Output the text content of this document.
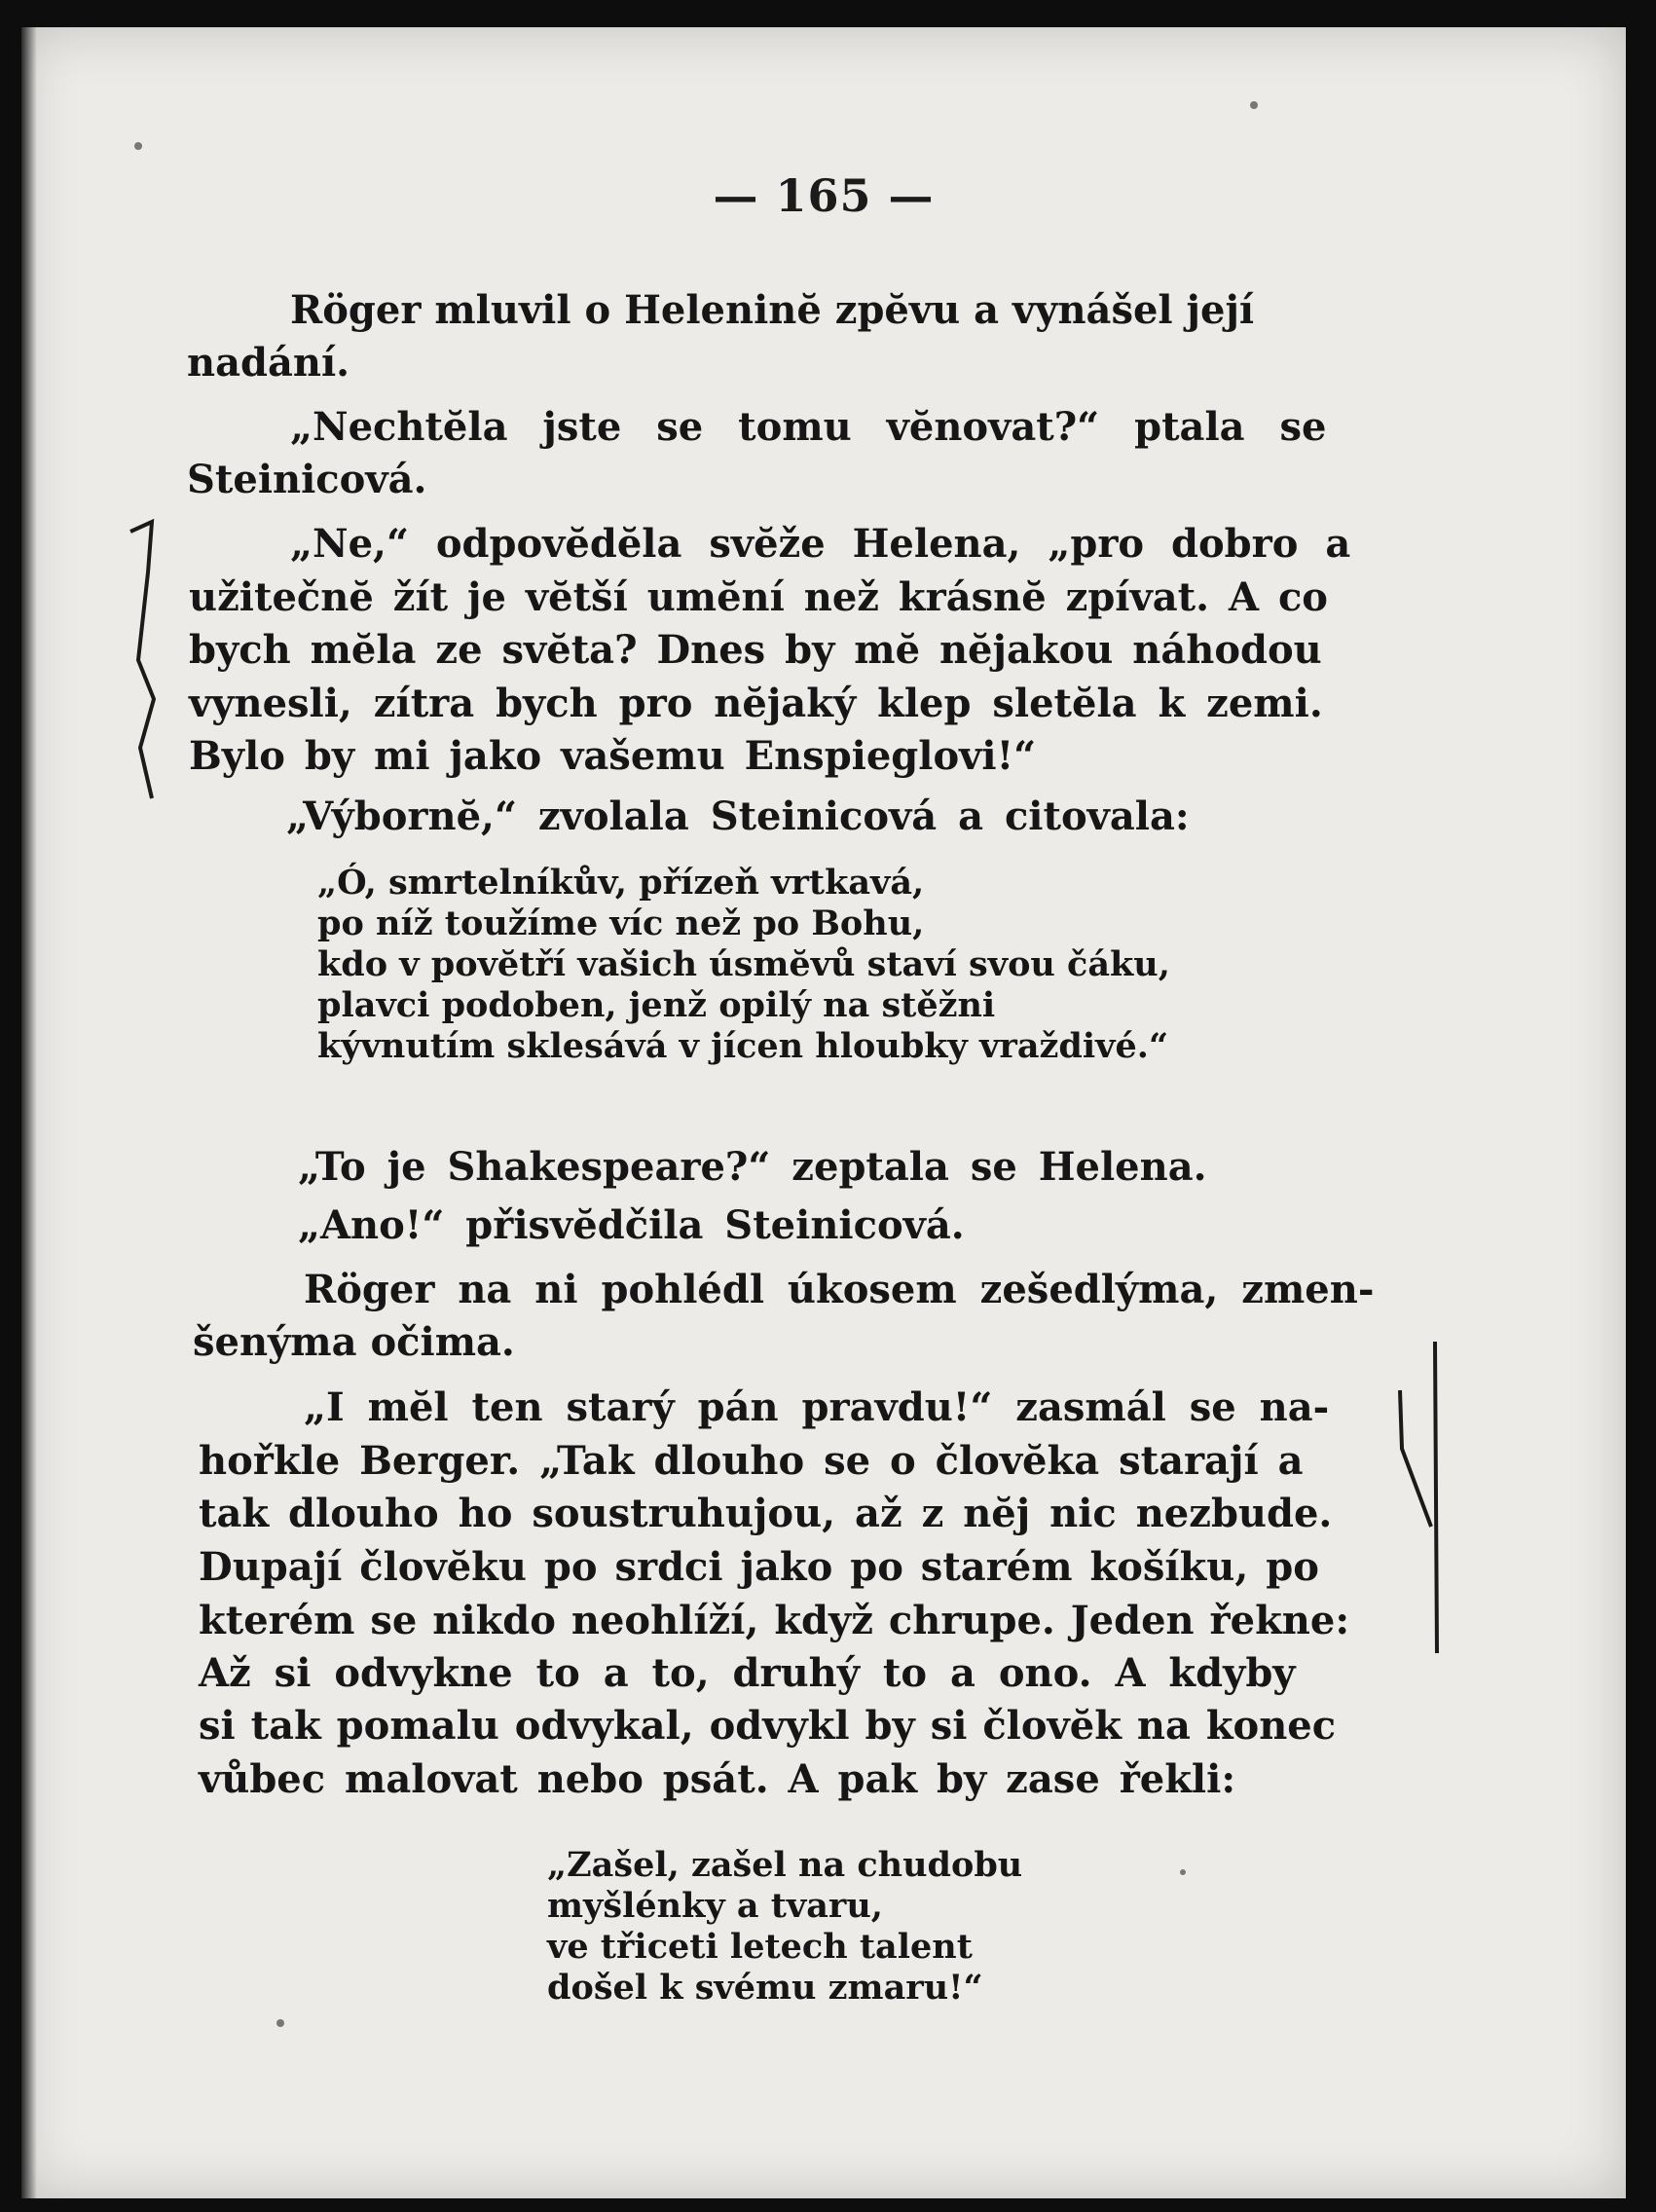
— 165 —
Röger mluvil o Heleninĕ zpĕvu a vynášel její
nadání.
„Nechtĕla jste se tomu vĕnovat?“ ptala se
Steinicová.
„Ne,“ odpovĕdĕla svĕže Helena, „pro dobro a
užitečnĕ žít je vĕtší umĕní než krásnĕ zpívat. A co
bych mĕla ze svĕta? Dnes by mĕ nĕjakou náhodou
vynesli, zítra bych pro nĕjaký klep sletĕla k zemi.
Bylo by mi jako vašemu Enspieglovi!“
„Výbornĕ,“ zvolala Steinicová a citovala:
„Ó, smrtelníkův, přízeň vrtkavá,
po níž toužíme víc než po Bohu,
kdo v povĕtří vašich úsmĕvů staví svou čáku,
plavci podoben, jenž opilý na stěžni
kývnutím sklesává v jícen hloubky vraždivé.“
„To je Shakespeare?“ zeptala se Helena.
„Ano!“ přisvĕdčila Steinicová.
Röger na ni pohlédl úkosem zešedlýma, zmen-
šenýma očima.
„I mĕl ten starý pán pravdu!“ zasmál se na-
hořkle Berger. „Tak dlouho se o človĕka starají a
tak dlouho ho soustruhujou, až z nĕj nic nezbude.
Dupají človĕku po srdci jako po starém košíku, po
kterém se nikdo neohlíží, když chrupe. Jeden řekne:
Až si odvykne to a to, druhý to a ono. A kdyby
si tak pomalu odvykal, odvykl by si človĕk na konec
vůbec malovat nebo psát. A pak by zase řekli:
„Zašel, zašel na chudobu
myšlénky a tvaru,
ve třiceti letech talent
došel k svému zmaru!“
